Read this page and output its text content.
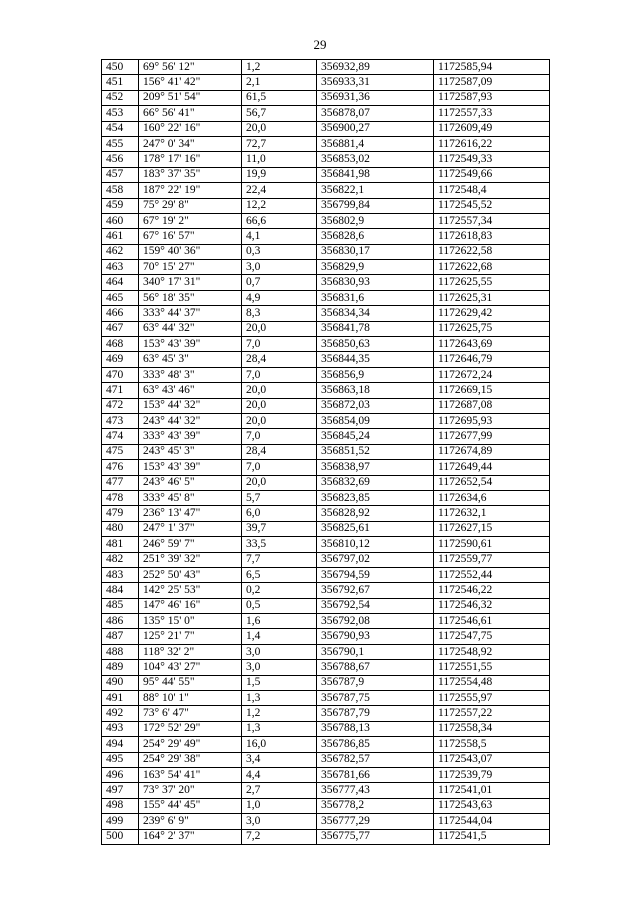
29
450	69° 56' 12"	1,2	356932,89	1172585,94
451	156° 41' 42"	2,1	356933,31	1172587,09
452	209° 51' 54"	61,5	356931,36	1172587,93
453	66° 56' 41"	56,7	356878,07	1172557,33
454	160° 22' 16"	20,0	356900,27	1172609,49
455	247° 0' 34"	72,7	356881,4	1172616,22
456	178° 17' 16"	11,0	356853,02	1172549,33
457	183° 37' 35"	19,9	356841,98	1172549,66
458	187° 22' 19"	22,4	356822,1	1172548,4
459	75° 29' 8"	12,2	356799,84	1172545,52
460	67° 19' 2"	66,6	356802,9	1172557,34
461	67° 16' 57"	4,1	356828,6	1172618,83
462	159° 40' 36"	0,3	356830,17	1172622,58
463	70° 15' 27"	3,0	356829,9	1172622,68
464	340° 17' 31"	0,7	356830,93	1172625,55
465	56° 18' 35"	4,9	356831,6	1172625,31
466	333° 44' 37"	8,3	356834,34	1172629,42
467	63° 44' 32"	20,0	356841,78	1172625,75
468	153° 43' 39"	7,0	356850,63	1172643,69
469	63° 45' 3"	28,4	356844,35	1172646,79
470	333° 48' 3"	7,0	356856,9	1172672,24
471	63° 43' 46"	20,0	356863,18	1172669,15
472	153° 44' 32"	20,0	356872,03	1172687,08
473	243° 44' 32"	20,0	356854,09	1172695,93
474	333° 43' 39"	7,0	356845,24	1172677,99
475	243° 45' 3"	28,4	356851,52	1172674,89
476	153° 43' 39"	7,0	356838,97	1172649,44
477	243° 46' 5"	20,0	356832,69	1172652,54
478	333° 45' 8"	5,7	356823,85	1172634,6
479	236° 13' 47"	6,0	356828,92	1172632,1
480	247° 1' 37"	39,7	356825,61	1172627,15
481	246° 59' 7"	33,5	356810,12	1172590,61
482	251° 39' 32"	7,7	356797,02	1172559,77
483	252° 50' 43"	6,5	356794,59	1172552,44
484	142° 25' 53"	0,2	356792,67	1172546,22
485	147° 46' 16"	0,5	356792,54	1172546,32
486	135° 15' 0"	1,6	356792,08	1172546,61
487	125° 21' 7"	1,4	356790,93	1172547,75
488	118° 32' 2"	3,0	356790,1	1172548,92
489	104° 43' 27"	3,0	356788,67	1172551,55
490	95° 44' 55"	1,5	356787,9	1172554,48
491	88° 10' 1"	1,3	356787,75	1172555,97
492	73° 6' 47"	1,2	356787,79	1172557,22
493	172° 52' 29"	1,3	356788,13	1172558,34
494	254° 29' 49"	16,0	356786,85	1172558,5
495	254° 29' 38"	3,4	356782,57	1172543,07
496	163° 54' 41"	4,4	356781,66	1172539,79
497	73° 37' 20"	2,7	356777,43	1172541,01
498	155° 44' 45"	1,0	356778,2	1172543,63
499	239° 6' 9"	3,0	356777,29	1172544,04
500	164° 2' 37"	7,2	356775,77	1172541,5
